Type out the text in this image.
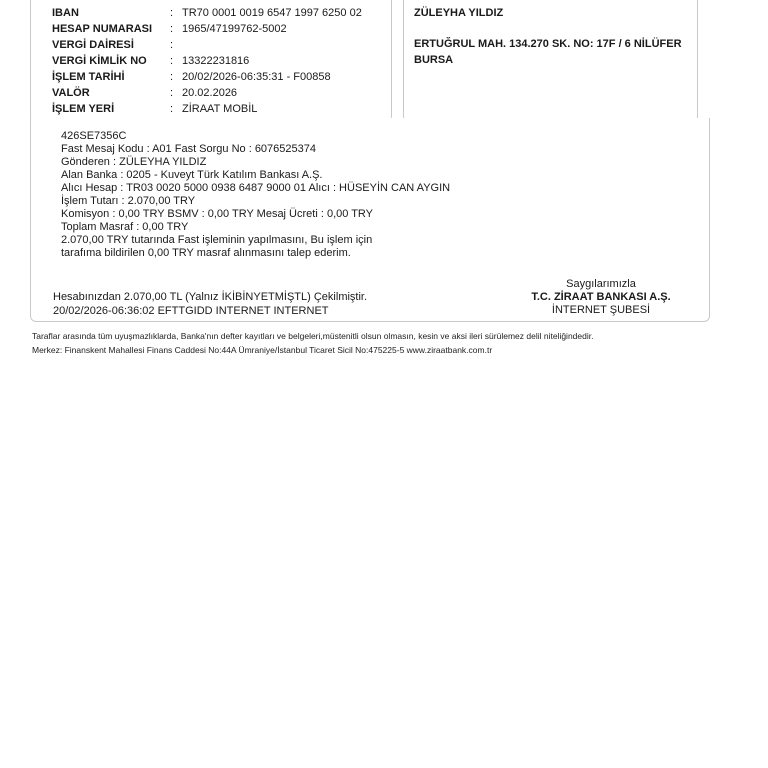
ZÜLEYHA YILDIZ
ERTUĞRUL MAH. 134.270 SK. NO: 17F / 6 NİLÜFER
BURSA
IBAN	: TR70 0001 0019 6547 1997 6250 02
HESAP NUMARASI : 1965/47199762-5002
VERGİ DAİRESİ	:
VERGİ KİMLİK NO : 13322231816
İŞLEM TARİHİ	: 20/02/2026-06:35:31 - F00858
VALÖR	: 20.02.2026
İŞLEM YERİ	: ZİRAAT MOBİL
426SE7356C
Fast Mesaj Kodu : A01 Fast Sorgu No : 6076525374
Gönderen : ZÜLEYHA YILDIZ
Alan Banka : 0205 - Kuveyt Türk Katılım Bankası A.Ş.
Alıcı Hesap : TR03 0020 5000 0938 6487 9000 01 Alıcı : HÜSEYİN CAN AYGIN
İşlem Tutarı : 2.070,00 TRY
Komisyon : 0,00 TRY BSMV : 0,00 TRY Mesaj Ücreti : 0,00 TRY
Toplam Masraf : 0,00 TRY
2.070,00 TRY tutarında Fast işleminin yapılmasını, Bu işlem için
tarafıma bildirilen 0,00 TRY masraf alınmasını talep ederim.
Hesabınızdan 2.070,00 TL (Yalnız İKİBİNYETMİŞTL) Çekilmiştir.
20/02/2026-06:36:02 EFTTGIDD INTERNET INTERNET
Saygılarımızla
T.C. ZİRAAT BANKASI A.Ş.
İNTERNET ŞUBESİ
Taraflar arasında tüm uyuşmazlıklarda, Banka'nın defter kayıtları ve belgeleri,müstenitli olsun olmasın, kesin ve aksi ileri sürülemez delil niteliğindedir.
Merkez: Finanskent Mahallesi Finans Caddesi No:44A Ümraniye/İstanbul Ticaret Sicil No:475225-5 www.ziraatbank.com.tr
